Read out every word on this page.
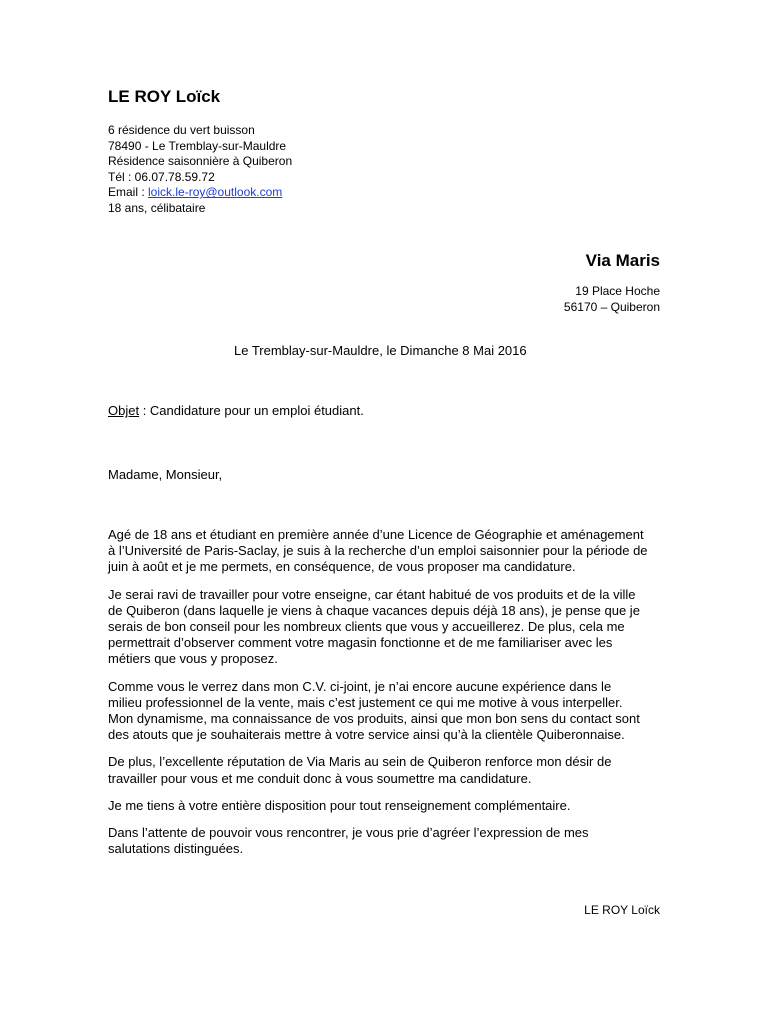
LE ROY Loïck
6 résidence du vert buisson
78490 - Le Tremblay-sur-Mauldre
Résidence saisonnière à Quiberon
Tél : 06.07.78.59.72
Email : loick.le-roy@outlook.com
18 ans, célibataire
Via Maris
19 Place Hoche
56170 – Quiberon
Le Tremblay-sur-Mauldre, le Dimanche 8 Mai 2016
Objet : Candidature pour un emploi étudiant.
Madame, Monsieur,

Agé de 18 ans et étudiant en première année d’une Licence de Géographie et aménagement
à l’Université de Paris-Saclay, je suis à la recherche d’un emploi saisonnier pour la période de
juin à août et je me permets, en conséquence, de vous proposer ma candidature.

Je serai ravi de travailler pour votre enseigne, car étant habitué de vos produits et de la ville
de Quiberon (dans laquelle je viens à chaque vacances depuis déjà 18 ans), je pense que je
serais de bon conseil pour les nombreux clients que vous y accueillerez. De plus, cela me
permettrait d’observer comment votre magasin fonctionne et de me familiariser avec les
métiers que vous y proposez.

Comme vous le verrez dans mon C.V. ci-joint, je n’ai encore aucune expérience dans le
milieu professionnel de la vente, mais c’est justement ce qui me motive à vous interpeller.
Mon dynamisme, ma connaissance de vos produits, ainsi que mon bon sens du contact sont
des atouts que je souhaiterais mettre à votre service ainsi qu’à la clientèle Quiberonnaise.

De plus, l’excellente réputation de Via Maris au sein de Quiberon renforce mon désir de
travailler pour vous et me conduit donc à vous soumettre ma candidature.

Je me tiens à votre entière disposition pour tout renseignement complémentaire.

Dans l’attente de pouvoir vous rencontrer, je vous prie d’agréer l’expression de mes
salutations distinguées.

LE ROY Loïck
